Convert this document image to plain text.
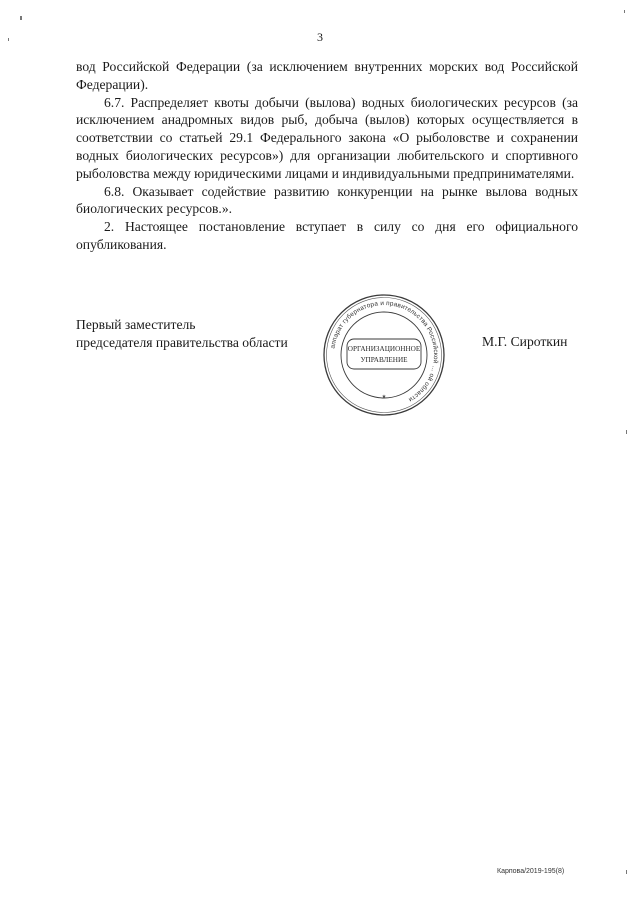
3

вод Российской Федерации (за исключением внутренних морских вод Российской Федерации).

6.7. Распределяет квоты добычи (вылова) водных биологических ресурсов (за исключением анадромных видов рыб, добыча (вылов) которых осуществляется в соответствии со статьей 29.1 Федерального закона «О рыболовстве и сохранении водных биологических ресурсов») для организации любительского и спортивного рыболовства между юридическими лицами и индивидуальными предпринимателями.

6.8. Оказывает содействие развитию конкуренции на рынке вылова водных биологических ресурсов.».

2. Настоящее постановление вступает в силу со дня его официального опубликования.

Первый заместитель
председателя правительства области	аппарат губернатора и правительства Российской ... ой области
ОРГАНИЗАЦИОННОЕ
УПРАВЛЕНИЕ
★
М.Г. Сироткин
Карпова/2019-195(8)
